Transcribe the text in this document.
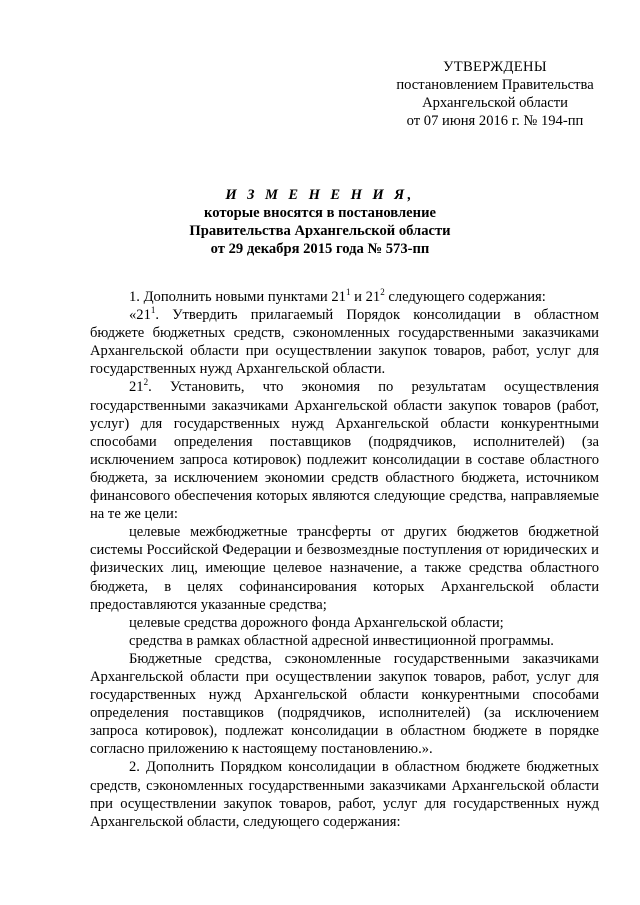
УТВЕРЖДЕНЫ
постановлением Правительства
Архангельской области
от 07 июня 2016 г. № 194-пп
И З М Е Н Е Н И Я,
которые вносятся в постановление
Правительства Архангельской области
от 29 декабря 2015 года № 573-пп

1. Дополнить новыми пунктами $21^1$ и $21^2$ следующего содержания:

«$21^1$. Утвердить прилагаемый Порядок консолидации в областном бюджете бюджетных средств, сэкономленных государственными заказчиками Архангельской области при осуществлении закупок товаров, работ, услуг для государственных нужд Архангельской области.

$21^2$. Установить, что экономия по результатам осуществления государственными заказчиками Архангельской области закупок товаров (работ, услуг) для государственных нужд Архангельской области конкурентными способами определения поставщиков (подрядчиков, исполнителей) (за исключением запроса котировок) подлежит консолидации в составе областного бюджета, за исключением экономии средств областного бюджета, источником финансового обеспечения которых являются следующие средства, направляемые на те же цели:

целевые межбюджетные трансферты от других бюджетов бюджетной системы Российской Федерации и безвозмездные поступления от юридических и физических лиц, имеющие целевое назначение, а также средства областного бюджета, в целях софинансирования которых Архангельской области предоставляются указанные средства;

целевые средства дорожного фонда Архангельской области;

средства в рамках областной адресной инвестиционной программы.

Бюджетные средства, сэкономленные государственными заказчиками Архангельской области при осуществлении закупок товаров, работ, услуг для государственных нужд Архангельской области конкурентными способами определения поставщиков (подрядчиков, исполнителей) (за исключением запроса котировок), подлежат консолидации в областном бюджете в порядке согласно приложению к настоящему постановлению.».

2. Дополнить Порядком консолидации в областном бюджете бюджетных средств, сэкономленных государственными заказчиками Архангельской области при осуществлении закупок товаров, работ, услуг для государственных нужд Архангельской области, следующего содержания:
